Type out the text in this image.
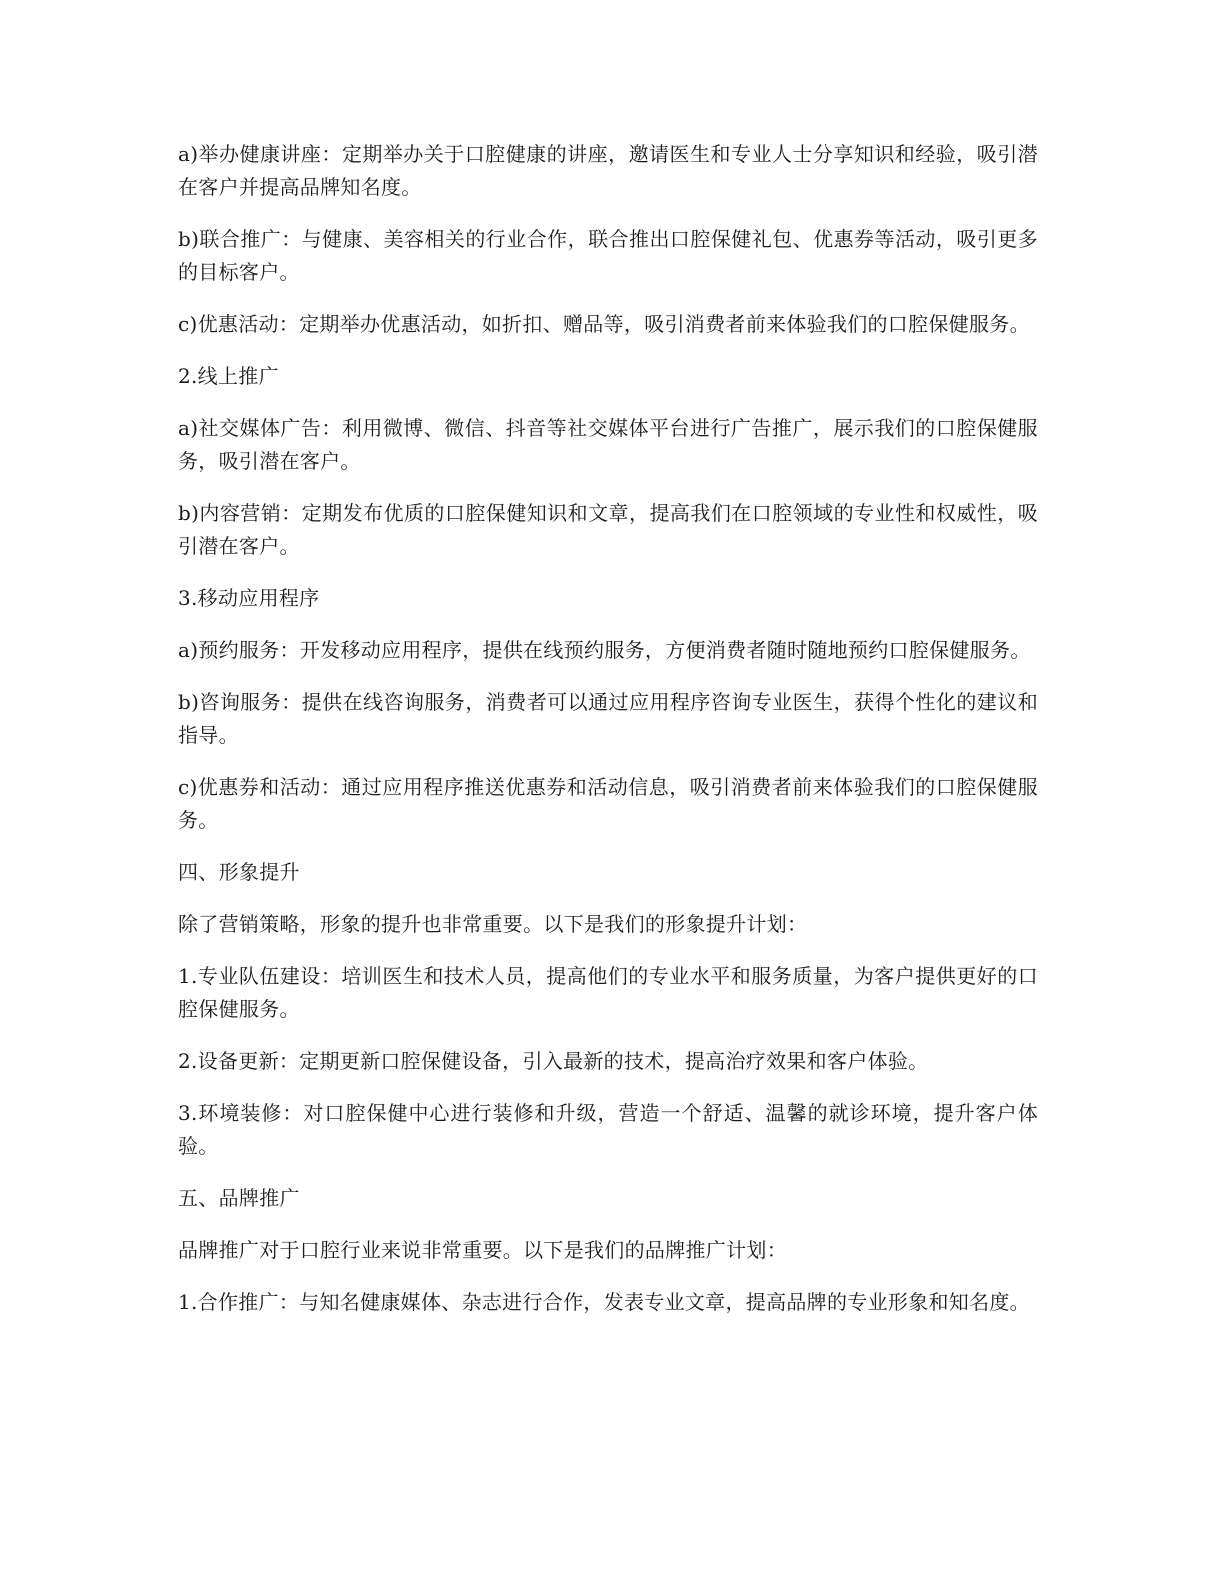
a)举办健康讲座：定期举办关于口腔健康的讲座，邀请医生和专业人士分享知识和经验，吸引潜在客户并提高品牌知名度。

b)联合推广：与健康、美容相关的行业合作，联合推出口腔保健礼包、优惠券等活动，吸引更多的目标客户。

c)优惠活动：定期举办优惠活动，如折扣、赠品等，吸引消费者前来体验我们的口腔保健服务。

2.线上推广

a)社交媒体广告：利用微博、微信、抖音等社交媒体平台进行广告推广，展示我们的口腔保健服务，吸引潜在客户。

b)内容营销：定期发布优质的口腔保健知识和文章，提高我们在口腔领域的专业性和权威性，吸引潜在客户。

3.移动应用程序

a)预约服务：开发移动应用程序，提供在线预约服务，方便消费者随时随地预约口腔保健服务。

b)咨询服务：提供在线咨询服务，消费者可以通过应用程序咨询专业医生，获得个性化的建议和指导。

c)优惠券和活动：通过应用程序推送优惠券和活动信息，吸引消费者前来体验我们的口腔保健服务。

四、形象提升

除了营销策略，形象的提升也非常重要。以下是我们的形象提升计划：

1.专业队伍建设：培训医生和技术人员，提高他们的专业水平和服务质量，为客户提供更好的口腔保健服务。

2.设备更新：定期更新口腔保健设备，引入最新的技术，提高治疗效果和客户体验。

3.环境装修：对口腔保健中心进行装修和升级，营造一个舒适、温馨的就诊环境，提升客户体验。

五、品牌推广

品牌推广对于口腔行业来说非常重要。以下是我们的品牌推广计划：

1.合作推广：与知名健康媒体、杂志进行合作，发表专业文章，提高品牌的专业形象和知名度。
